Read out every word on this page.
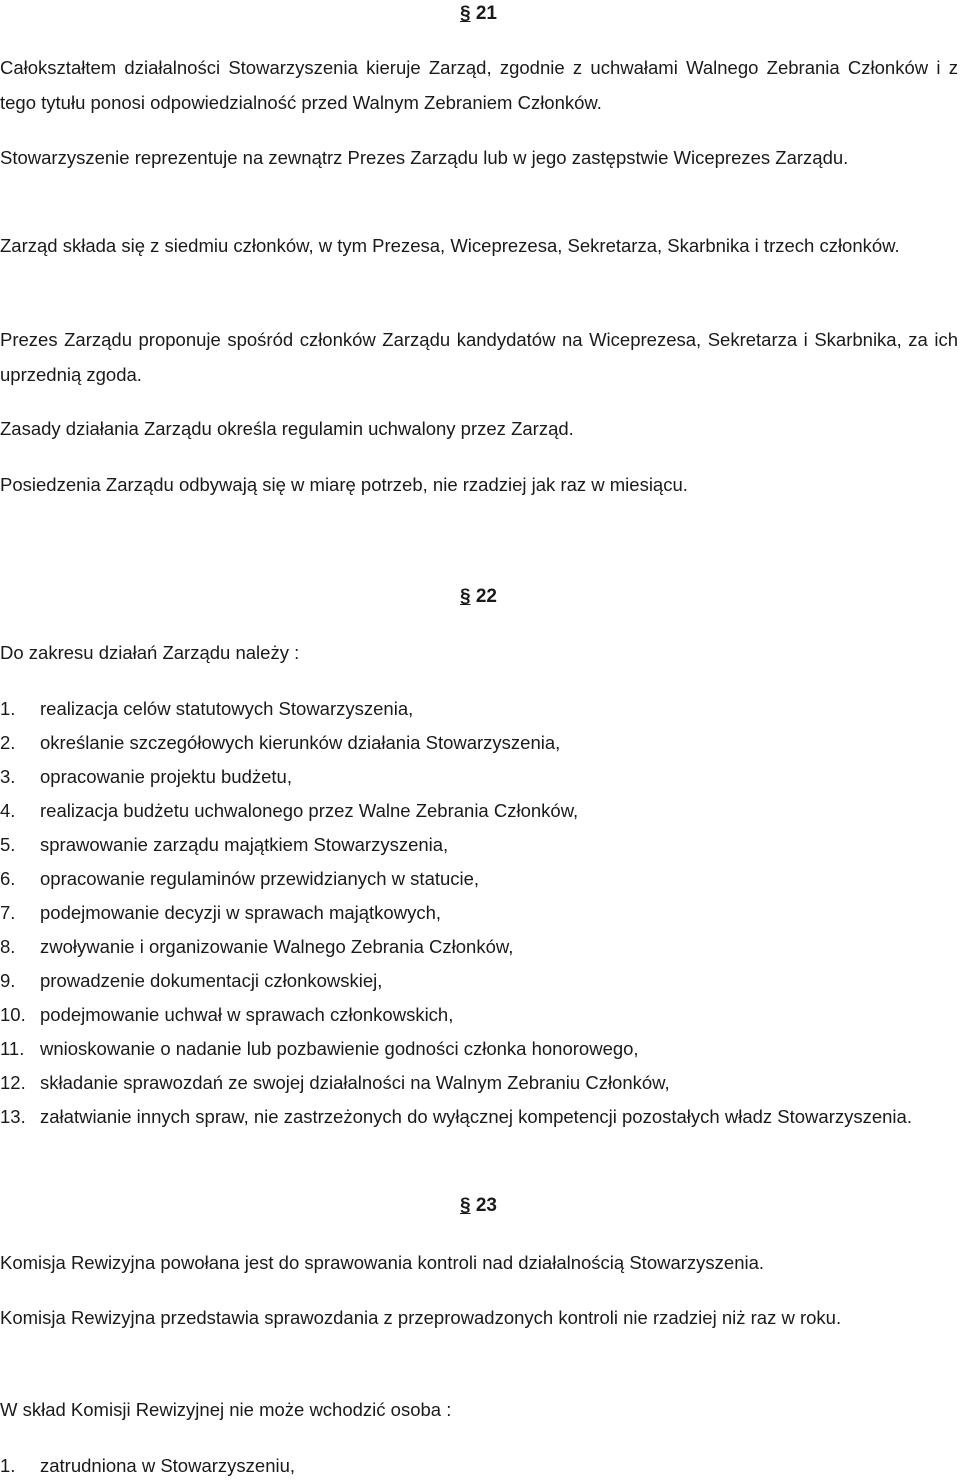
§ 21

Całokształtem działalności Stowarzyszenia kieruje Zarząd, zgodnie z uchwałami Walnego Zebrania Członków i z tego tytułu ponosi odpowiedzialność przed Walnym Zebraniem Członków.

Stowarzyszenie reprezentuje na zewnątrz Prezes Zarządu lub w jego zastępstwie Wiceprezes Zarządu.

Zarząd składa się z siedmiu członków, w tym Prezesa, Wiceprezesa, Sekretarza, Skarbnika i trzech członków.

Prezes Zarządu proponuje spośród członków Zarządu kandydatów na Wiceprezesa, Sekretarza i Skarbnika, za ich uprzednią zgoda.

Zasady działania Zarządu określa regulamin uchwalony przez Zarząd.

Posiedzenia Zarządu odbywają się w miarę potrzeb, nie rzadziej jak raz w miesiącu.

§ 22

Do zakresu działań Zarządu należy :

1. realizacja celów statutowych Stowarzyszenia,
2. określanie szczegółowych kierunków działania Stowarzyszenia,
3. opracowanie projektu budżetu,
4. realizacja budżetu uchwalonego przez Walne Zebrania Członków,
5. sprawowanie zarządu majątkiem Stowarzyszenia,
6. opracowanie regulaminów przewidzianych w statucie,
7. podejmowanie decyzji w sprawach majątkowych,
8. zwoływanie i organizowanie Walnego Zebrania Członków,
9. prowadzenie dokumentacji członkowskiej,
10. podejmowanie uchwał w sprawach członkowskich,
11. wnioskowanie o nadanie lub pozbawienie godności członka honorowego,
12. składanie sprawozdań ze swojej działalności na Walnym Zebraniu Członków,
13. załatwianie innych spraw, nie zastrzeżonych do wyłącznej kompetencji pozostałych władz Stowarzyszenia.
§ 23

Komisja Rewizyjna powołana jest do sprawowania kontroli nad działalnością Stowarzyszenia.

Komisja Rewizyjna przedstawia sprawozdania z przeprowadzonych kontroli nie rzadziej niż raz w roku.

W skład Komisji Rewizyjnej nie może wchodzić osoba :

1. zatrudniona w Stowarzyszeniu,
